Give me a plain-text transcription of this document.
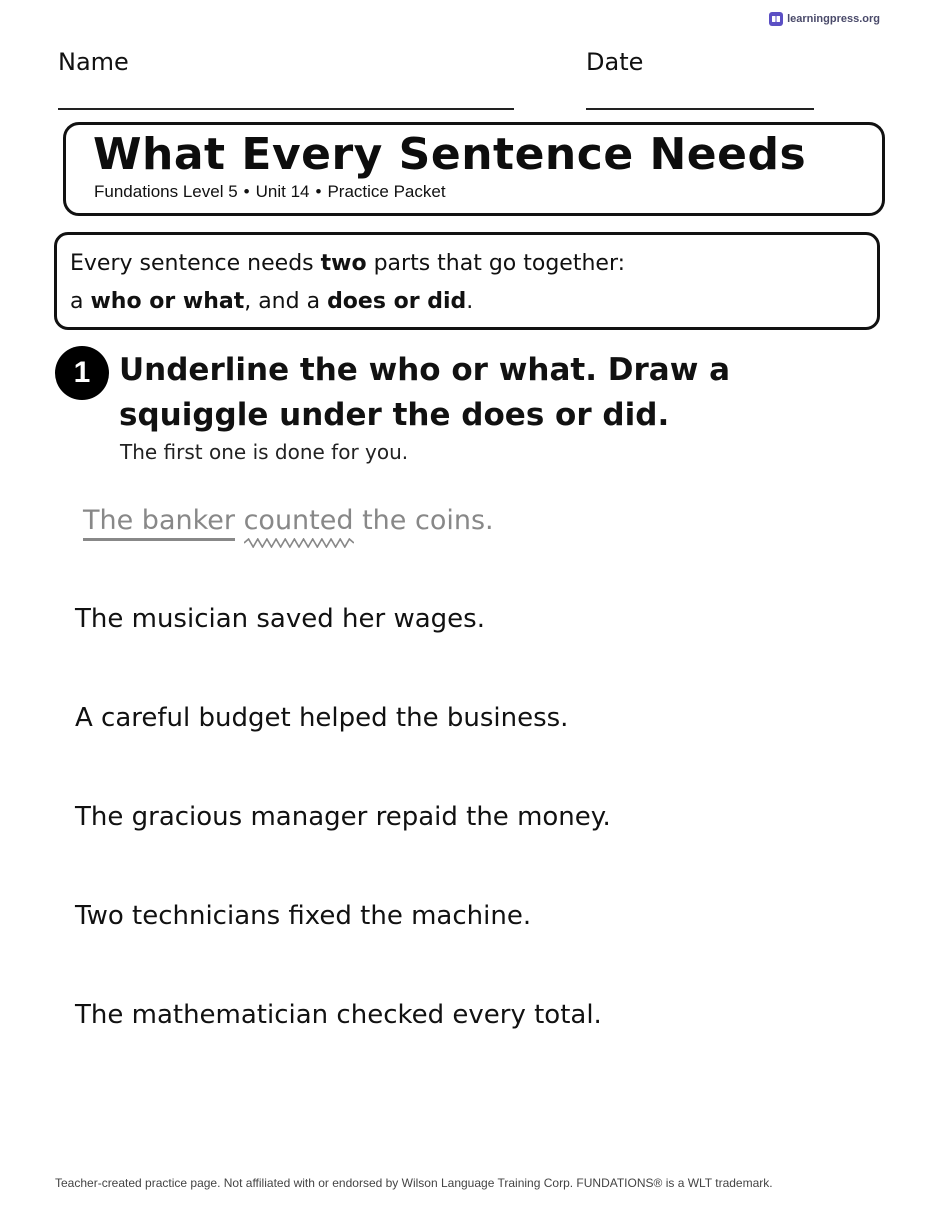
learningpress.org
Name	Date
What Every Sentence Needs
Fundations Level 5 • Unit 14 • Practice Packet
Every sentence needs two parts that go together:
a who or what, and a does or did.
1 Underline the who or what. Draw a squiggle under the does or did.
The first one is done for you.
The banker counted
the coins.
The musician saved her wages.
A careful budget helped the business.
The gracious manager repaid the money.
Two technicians fixed the machine.
The mathematician checked every total.
Teacher-created practice page. Not affiliated with or endorsed by Wilson Language Training Corp. FUNDATIONS® is a WLT trademark.
